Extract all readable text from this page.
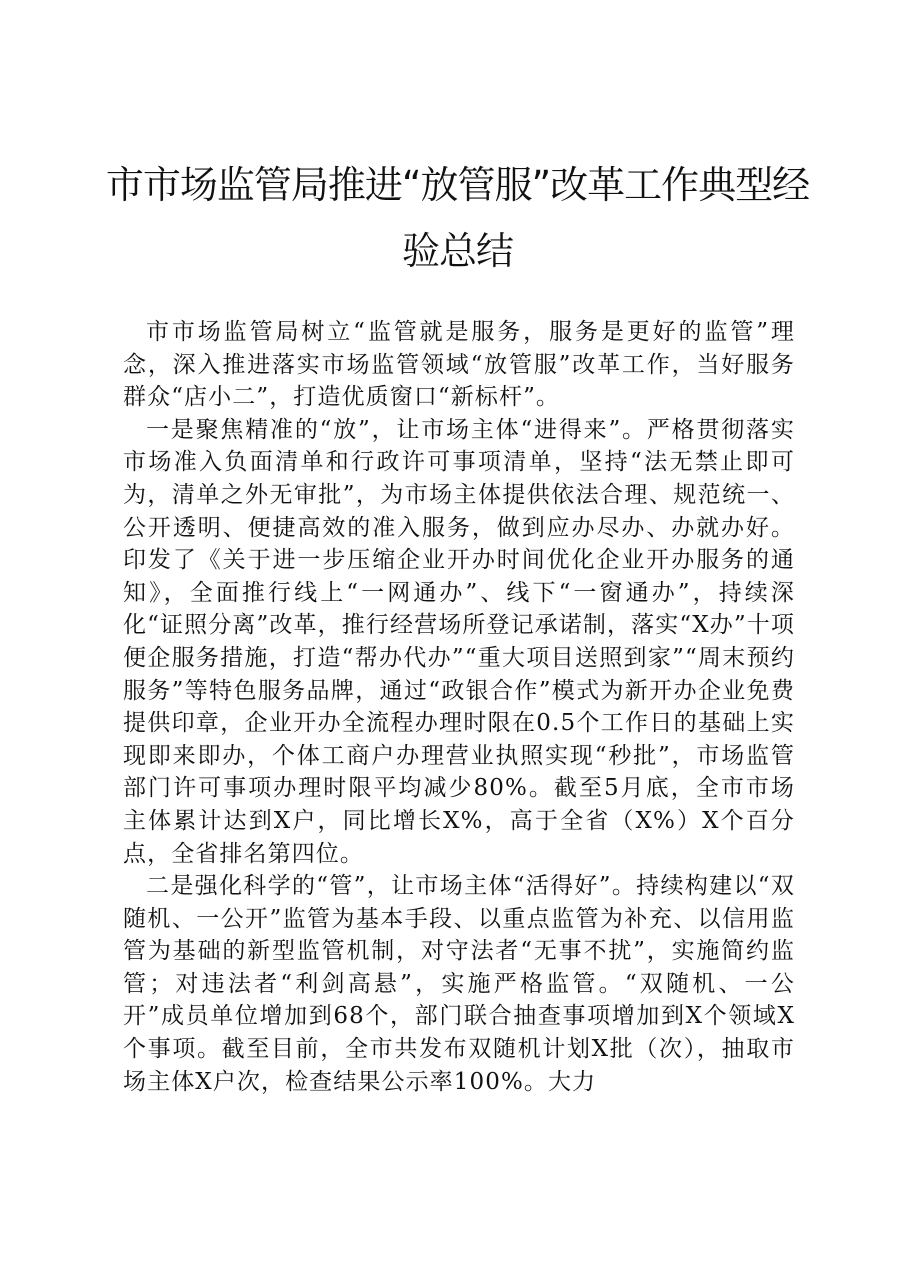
市市场监管局推进“放管服”改革工作典型经
验总结

市市场监管局树立“监管就是服务，服务是更好的监管”理念，深入推进落实市场监管领域“放管服”改革工作，当好服务群众“店小二”，打造优质窗口“新标杆”。

一是聚焦精准的“放”，让市场主体“进得来”。严格贯彻落实市场准入负面清单和行政许可事项清单，坚持“法无禁止即可为，清单之外无审批”，为市场主体提供依法合理、规范统一、公开透明、便捷高效的准入服务，做到应办尽办、办就办好。印发了《关于进一步压缩企业开办时间优化企业开办服务的通知》，全面推行线上“一网通办”、线下“一窗通办”，持续深化“证照分离”改革，推行经营场所登记承诺制，落实“X办”十项便企服务措施，打造“帮办代办”“重大项目送照到家”“周末预约服务”等特色服务品牌，通过“政银合作”模式为新开办企业免费提供印章，企业开办全流程办理时限在0.5个工作日的基础上实现即来即办，个体工商户办理营业执照实现“秒批”，市场监管部门许可事项办理时限平均减少80%。截至5月底，全市市场主体累计达到X户，同比增长X%，高于全省（X%）X个百分点，全省排名第四位。

二是强化科学的“管”，让市场主体“活得好”。持续构建以“双随机、一公开”监管为基本手段、以重点监管为补充、以信用监管为基础的新型监管机制，对守法者“无事不扰”，实施简约监管；对违法者“利剑高悬”，实施严格监管。“双随机、一公开”成员单位增加到68个，部门联合抽查事项增加到X个领域X个事项。截至目前，全市共发布双随机计划X批（次），抽取市场主体X户次，检查结果公示率100%。大力
